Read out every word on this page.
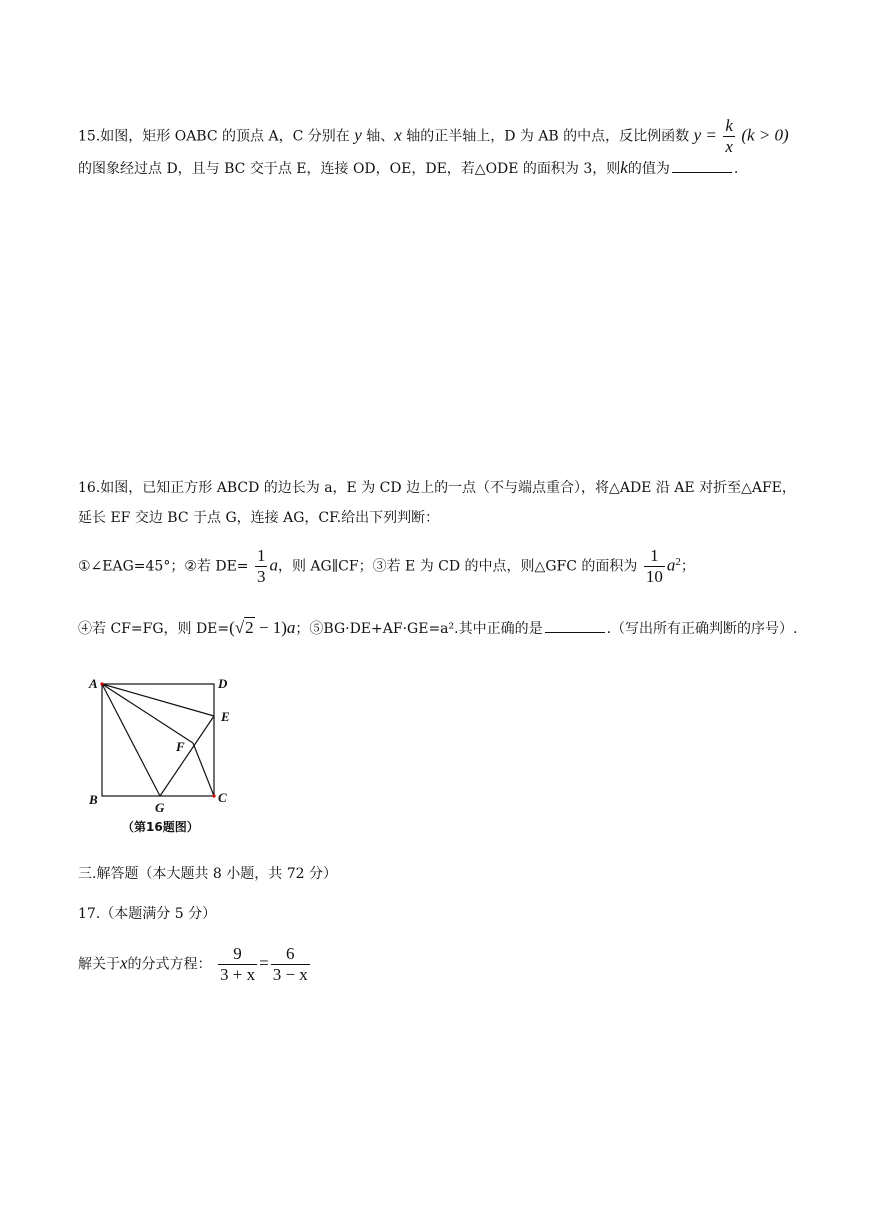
15.如图，矩形 OABC 的顶点 A，C 分别在 y 轴、x 轴的正半轴上，D 为 AB 的中点，反比例函数 $y = \frac{k}{x} (k > 0)$
的图象经过点 D，且与 BC 交于点 E，连接 OD，OE，DE，若△ODE 的面积为 3，则k的值为	.
16.如图，已知正方形 ABCD 的边长为 a，E 为 CD 边上的一点（不与端点重合），将△ADE 沿 AE 对折至△AFE，
延长 EF 交边 BC 于点 G，连接 AG，CF.给出下列判断：
①∠EAG=45°；②若 $DE= \frac{1}{3}$ a，则 AG∥CF；③若 E 为 CD 的中点，则△GFC 的面积为 $\frac{1}{10} a^2$；
④若 CF=FG，则 DE=(√2 − 1)a；⑤BG·DE+AF·GE=a².其中正确的是	.（写出所有正确判断的序号）.
A	D
E
F
B
G
C
（第16题图）
三.解答题（本大题共 8 小题，共 72 分）
17.（本题满分 5 分）
解关于x的分式方程： $\frac{9}{3 + x} = \frac{6}{3 - x}$
